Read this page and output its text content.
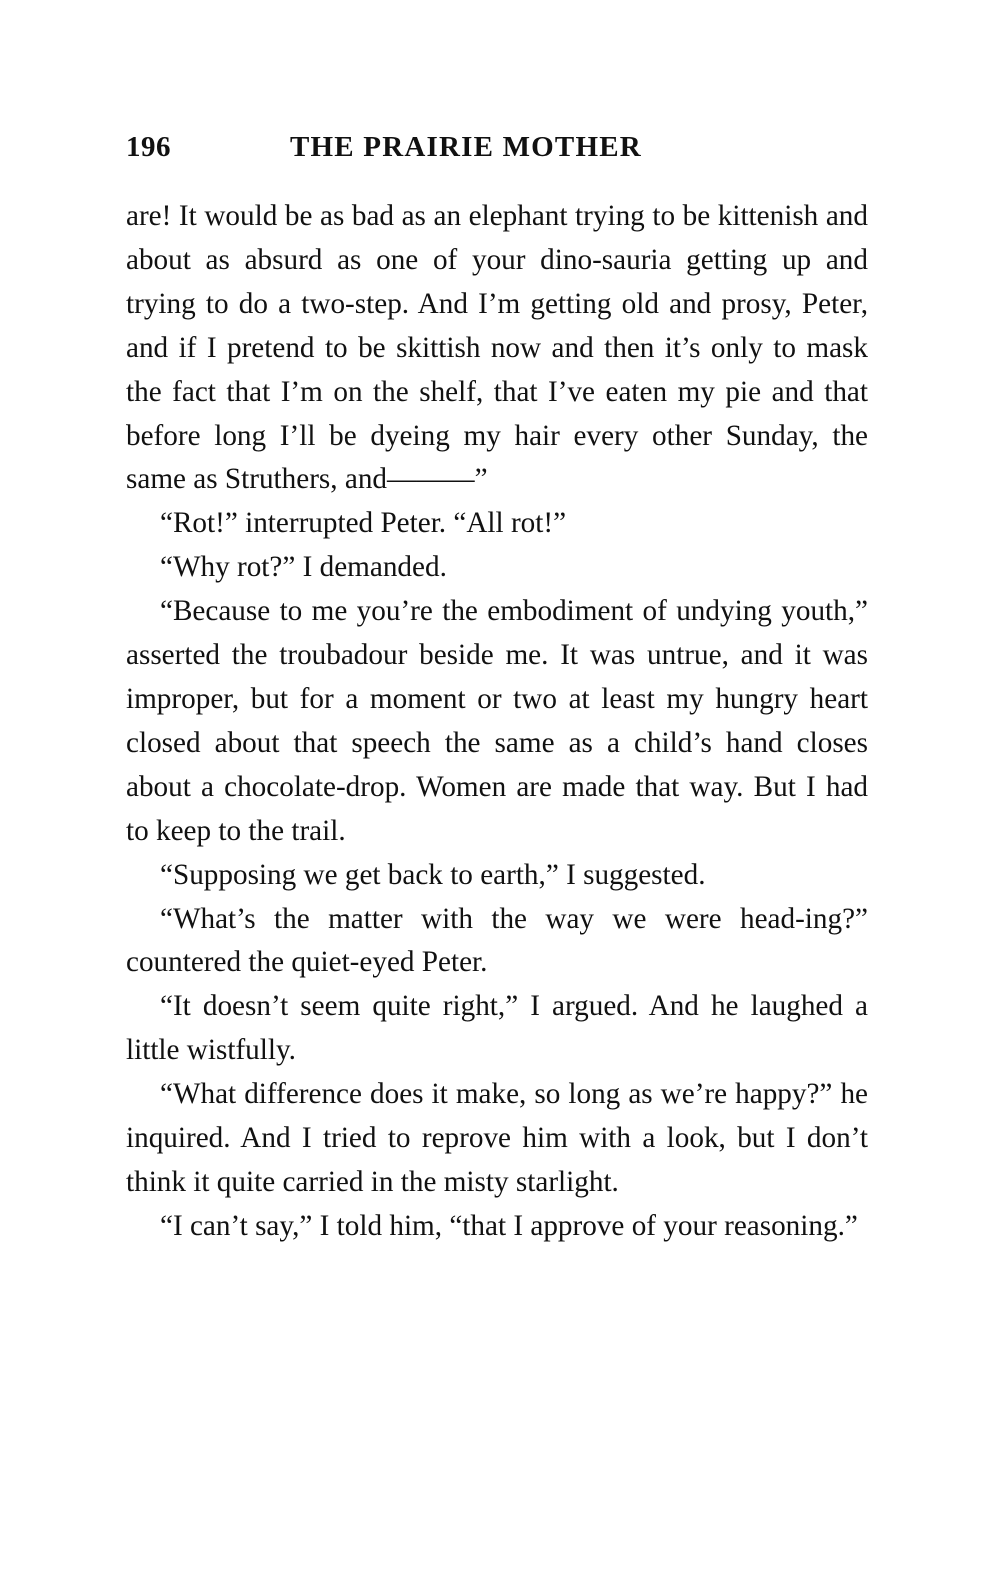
196	THE PRAIRIE MOTHER

are! It would be as bad as an elephant trying to be kittenish and about as absurd as one of your dino-sauria getting up and trying to do a two-step. And I’m getting old and prosy, Peter, and if I pretend to be skittish now and then it’s only to mask the fact that I’m on the shelf, that I’ve eaten my pie and that before long I’ll be dyeing my hair every other Sunday, the same as Struthers, and———”

“Rot!” interrupted Peter. “All rot!”

“Why rot?” I demanded.

“Because to me you’re the embodiment of undying youth,” asserted the troubadour beside me. It was untrue, and it was improper, but for a moment or two at least my hungry heart closed about that speech the same as a child’s hand closes about a chocolate-drop. Women are made that way. But I had to keep to the trail.

“Supposing we get back to earth,” I suggested.

“What’s the matter with the way we were head-ing?” countered the quiet-eyed Peter.

“It doesn’t seem quite right,” I argued. And he laughed a little wistfully.

“What difference does it make, so long as we’re happy?” he inquired. And I tried to reprove him with a look, but I don’t think it quite carried in the misty starlight.

“I can’t say,” I told him, “that I approve of your reasoning.”
